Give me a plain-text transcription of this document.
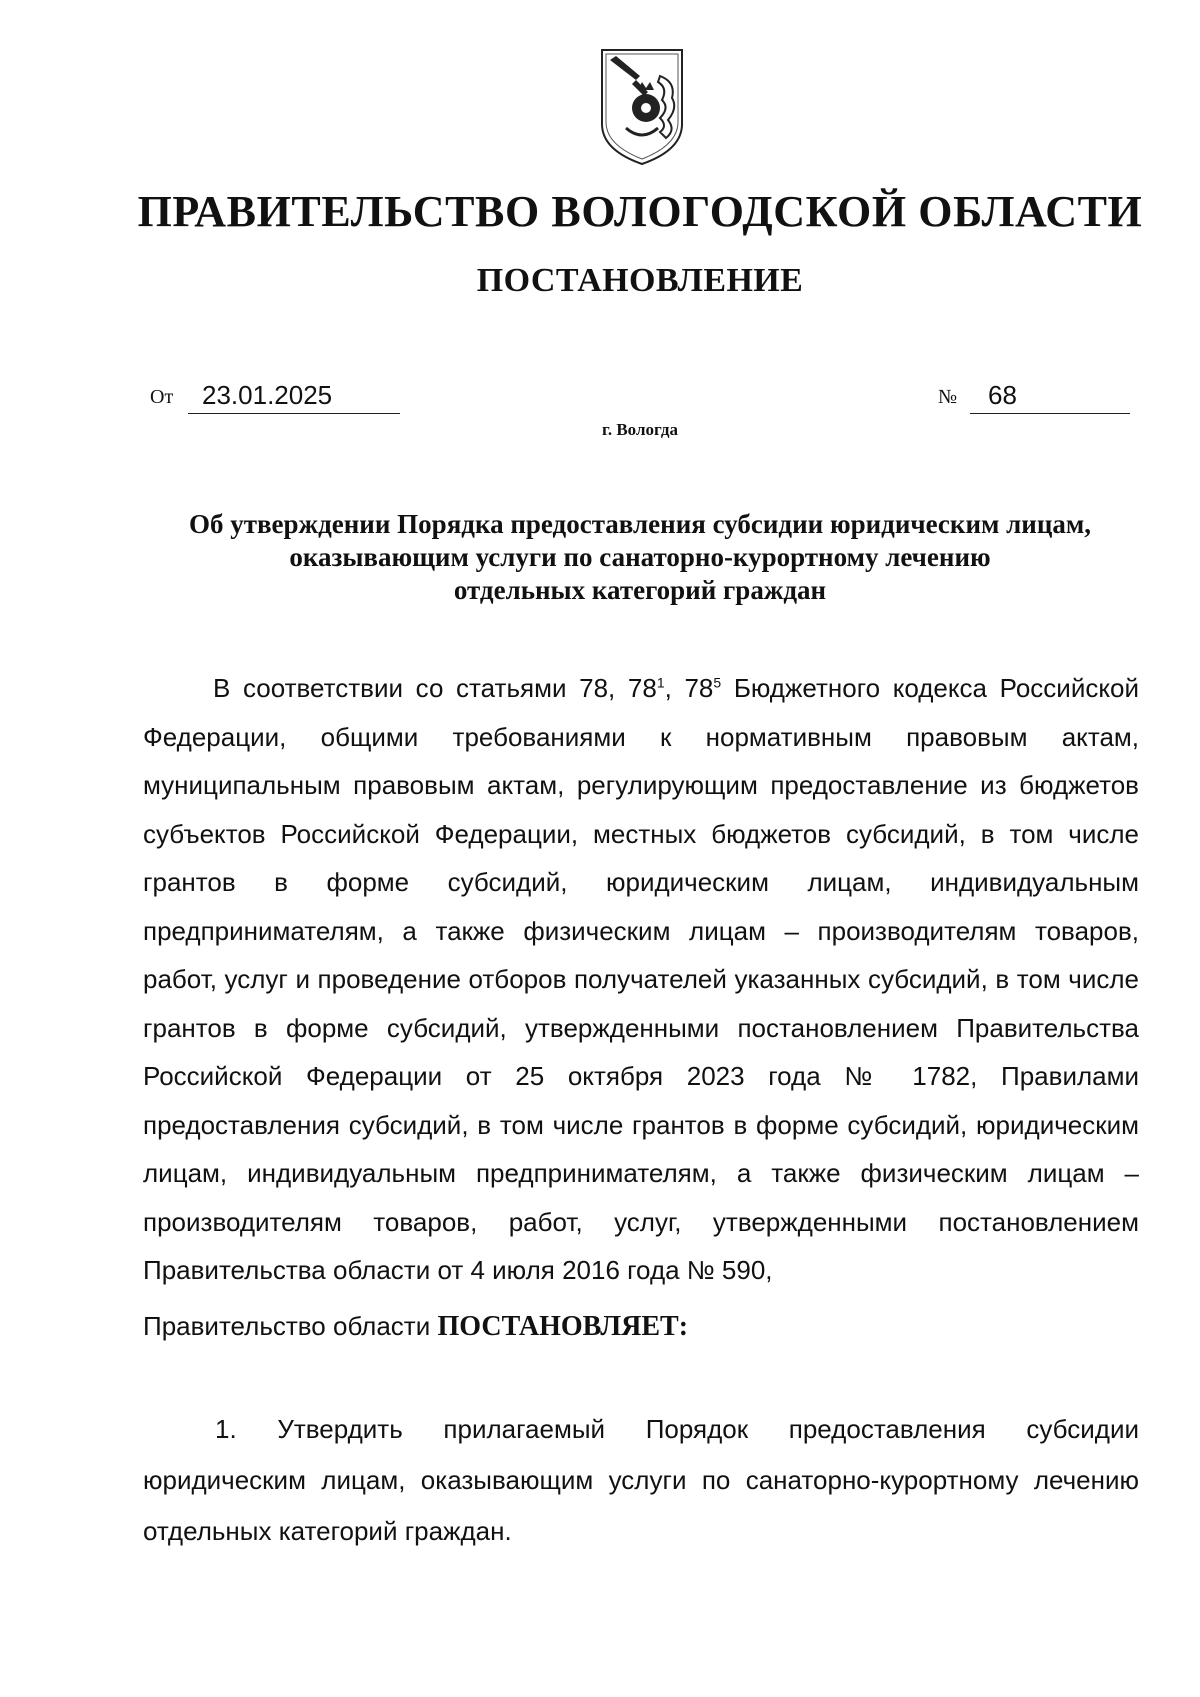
ПРАВИТЕЛЬСТВО ВОЛОГОДСКОЙ ОБЛАСТИ
ПОСТАНОВЛЕНИЕ
От	23.01.2025	№	68
г. Вологда
Об утверждении Порядка предоставления субсидии юридическим лицам,
оказывающим услуги по санаторно-курортному лечению
отдельных категорий граждан
В соответствии со статьями 78, $78^1$, $78^5$ Бюджетного кодекса Российской Федерации, общими требованиями к нормативным правовым актам, муниципальным правовым актам, регулирующим предоставление из бюджетов субъектов Российской Федерации, местных бюджетов субсидий, в том числе грантов в форме субсидий, юридическим лицам, индивидуальным предпринимателям, а также физическим лицам – производителям товаров, работ, услуг и проведение отборов получателей указанных субсидий, в том числе грантов в форме субсидий, утвержденными постановлением Правительства Российской Федерации от 25 октября 2023 года № 1782, Правилами предоставления субсидий, в том числе грантов в форме субсидий, юридическим лицам, индивидуальным предпринимателям, а также физическим лицам – производителям товаров, работ, услуг, утвержденными постановлением Правительства области от 4 июля 2016 года № 590,
Правительство области ПОСТАНОВЛЯЕТ:
1. Утвердить прилагаемый Порядок предоставления субсидии юридическим лицам, оказывающим услуги по санаторно-курортному лечению отдельных категорий граждан.
